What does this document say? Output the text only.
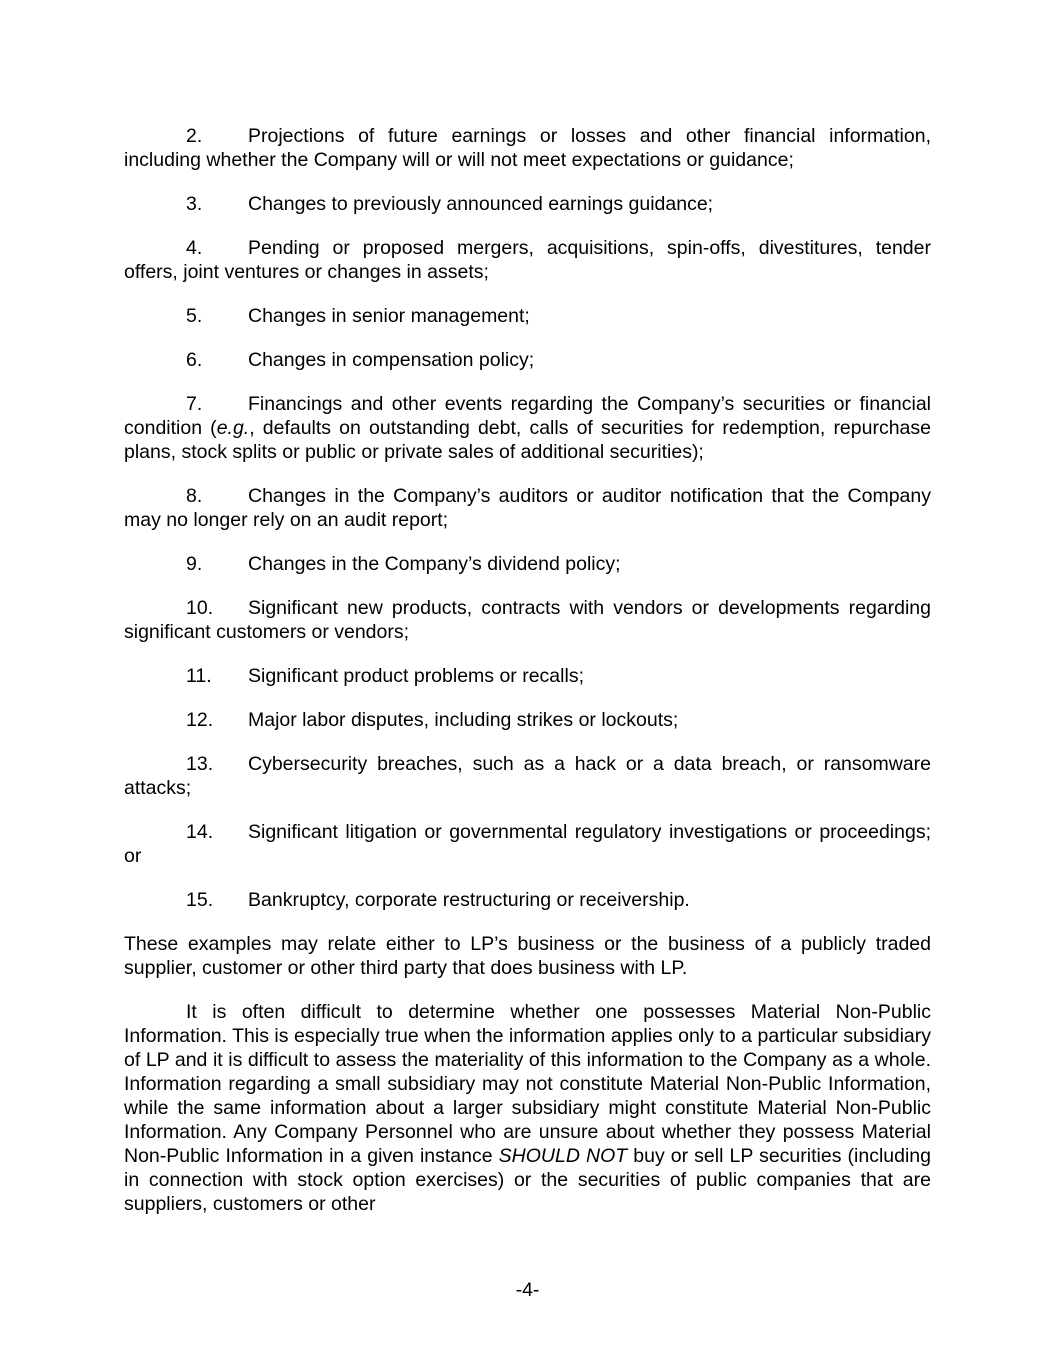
2. Projections of future earnings or losses and other financial information, including whether the Company will or will not meet expectations or guidance;

3. Changes to previously announced earnings guidance;

4. Pending or proposed mergers, acquisitions, spin-offs, divestitures, tender offers, joint ventures or changes in assets;

5. Changes in senior management;

6. Changes in compensation policy;

7. Financings and other events regarding the Company’s securities or financial condition (e.g., defaults on outstanding debt, calls of securities for redemption, repurchase plans, stock splits or public or private sales of additional securities);

8. Changes in the Company’s auditors or auditor notification that the Company may no longer rely on an audit report;

9. Changes in the Company’s dividend policy;

10. Significant new products, contracts with vendors or developments regarding significant customers or vendors;

11. Significant product problems or recalls;

12. Major labor disputes, including strikes or lockouts;

13. Cybersecurity breaches, such as a hack or a data breach, or ransomware attacks;

14. Significant litigation or governmental regulatory investigations or proceedings; or

15. Bankruptcy, corporate restructuring or receivership.

These examples may relate either to LP’s business or the business of a publicly traded supplier, customer or other third party that does business with LP.

It is often difficult to determine whether one possesses Material Non-Public Information. This is especially true when the information applies only to a particular subsidiary of LP and it is difficult to assess the materiality of this information to the Company as a whole. Information regarding a small subsidiary may not constitute Material Non-Public Information, while the same information about a larger subsidiary might constitute Material Non-Public Information. Any Company Personnel who are unsure about whether they possess Material Non-Public Information in a given instance SHOULD NOT buy or sell LP securities (including in connection with stock option exercises) or the securities of public companies that are suppliers, customers or other

-4-
